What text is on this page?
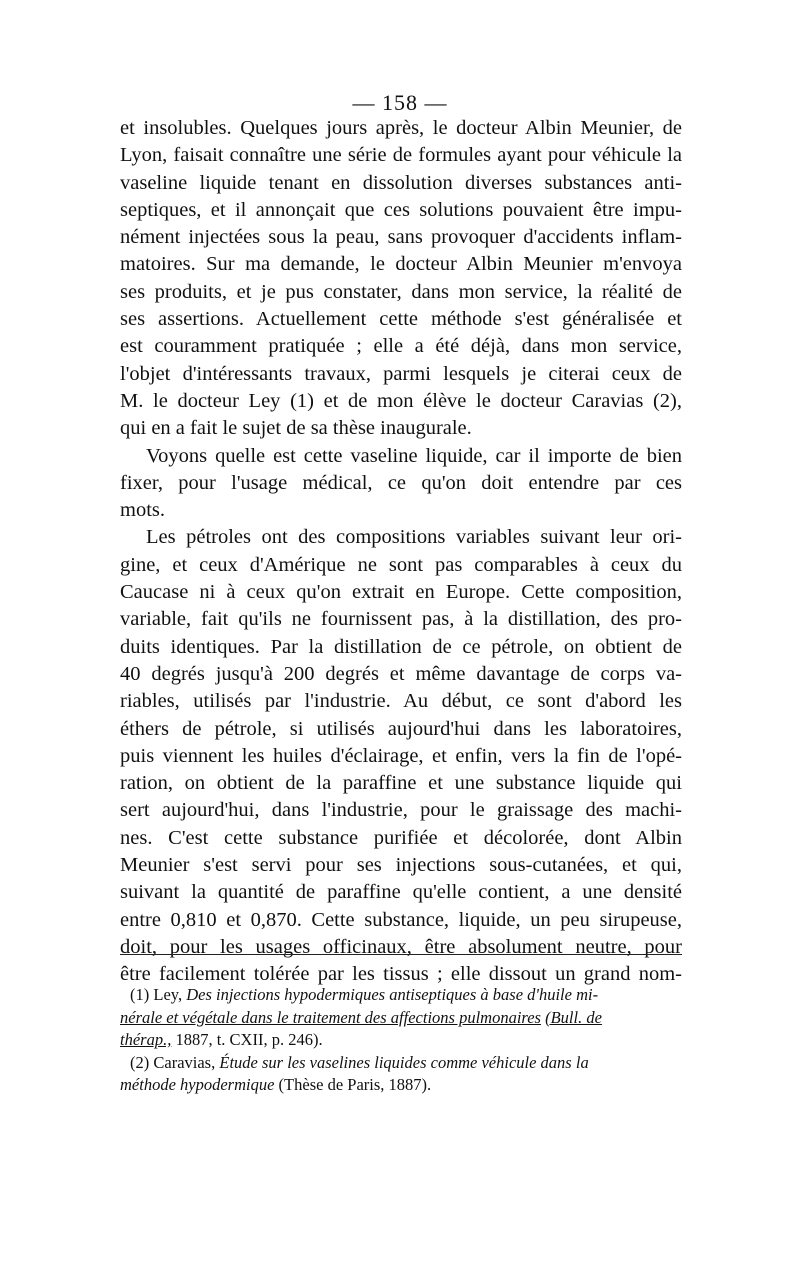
— 158 —
et insolubles. Quelques jours après, le docteur Albin Meunier, de
Lyon, faisait connaître une série de formules ayant pour véhicule la
vaseline liquide tenant en dissolution diverses substances anti-
septiques, et il annonçait que ces solutions pouvaient être impu-
nément injectées sous la peau, sans provoquer d'accidents inflam-
matoires. Sur ma demande, le docteur Albin Meunier m'envoya
ses produits, et je pus constater, dans mon service, la réalité de
ses assertions. Actuellement cette méthode s'est généralisée et
est couramment pratiquée ; elle a été déjà, dans mon service,
l'objet d'intéressants travaux, parmi lesquels je citerai ceux de
M. le docteur Ley (1) et de mon élève le docteur Caravias (2),
qui en a fait le sujet de sa thèse inaugurale.
Voyons quelle est cette vaseline liquide, car il importe de bien
fixer, pour l'usage médical, ce qu'on doit entendre par ces
mots.
Les pétroles ont des compositions variables suivant leur ori-
gine, et ceux d'Amérique ne sont pas comparables à ceux du
Caucase ni à ceux qu'on extrait en Europe. Cette composition,
variable, fait qu'ils ne fournissent pas, à la distillation, des pro-
duits identiques. Par la distillation de ce pétrole, on obtient de
40 degrés jusqu'à 200 degrés et même davantage de corps va-
riables, utilisés par l'industrie. Au début, ce sont d'abord les
éthers de pétrole, si utilisés aujourd'hui dans les laboratoires,
puis viennent les huiles d'éclairage, et enfin, vers la fin de l'opé-
ration, on obtient de la paraffine et une substance liquide qui
sert aujourd'hui, dans l'industrie, pour le graissage des machi-
nes. C'est cette substance purifiée et décolorée, dont Albin
Meunier s'est servi pour ses injections sous-cutanées, et qui,
suivant la quantité de paraffine qu'elle contient, a une densité
entre 0,810 et 0,870. Cette substance, liquide, un peu sirupeuse,
doit, pour les usages officinaux, être absolument neutre, pour
être facilement tolérée par les tissus ; elle dissout un grand nom-
(1) Ley, Des injections hypodermiques antiseptiques à base d'huile mi-
nérale et végétale dans le traitement des affections pulmonaires (Bull. de
thérap., 1887, t. CXII, p. 246).
(2) Caravias, Étude sur les vaselines liquides comme véhicule dans la
méthode hypodermique (Thèse de Paris, 1887).
